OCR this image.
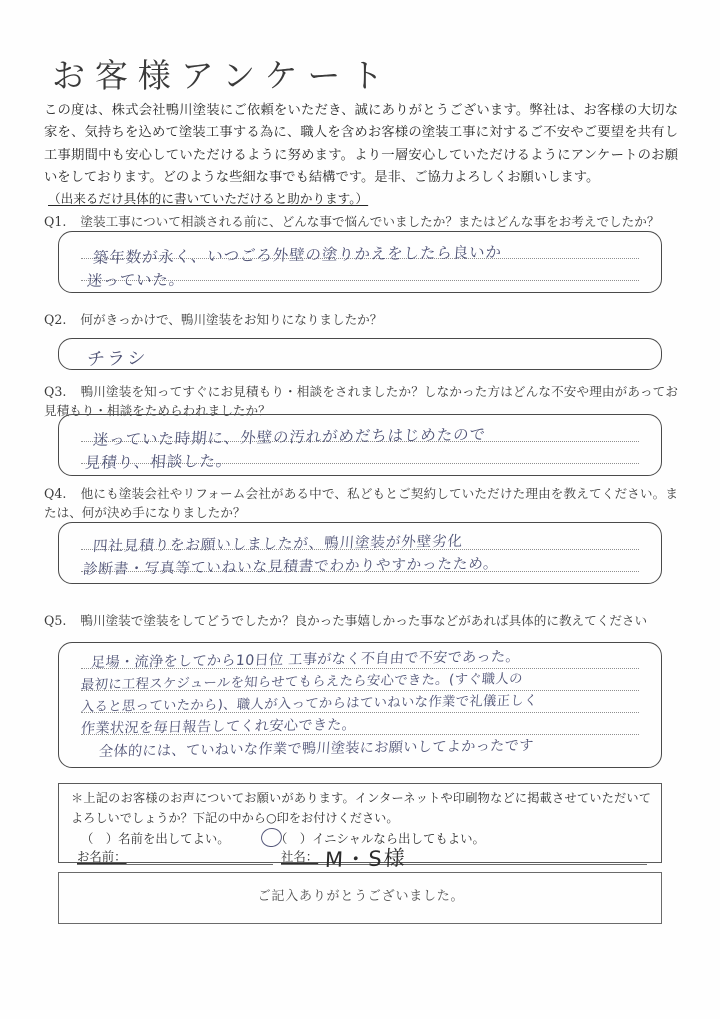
お客様アンケート
この度は、株式会社鴨川塗装にご依頼をいただき、誠にありがとうございます。弊社は、お客様の大切な家を、気持ちを込めて塗装工事する為に、職人を含めお客様の塗装工事に対するご不安やご要望を共有し工事期間中も安心していただけるように努めます。より一層安心していただけるようにアンケートのお願いをしております。どのような些細な事でも結構です。是非、ご協力よろしくお願いします。
（出来るだけ具体的に書いていただけると助かります。）
Q1. 塗装工事について相談される前に、どんな事で悩んでいましたか？またはどんな事をお考えでしたか？
築年数が永く、いつごろ外壁の塗りかえをしたら良いか
迷っていた。
Q2. 何がきっかけで、鴨川塗装をお知りになりましたか？
チラシ
Q3. 鴨川塗装を知ってすぐにお見積もり・相談をされましたか？しなかった方はどんな不安や理由があってお見積もり・相談をためらわれましたか？
迷っていた時期に、外壁の汚れがめだちはじめたので
見積り、相談した。
Q4. 他にも塗装会社やリフォーム会社がある中で、私どもとご契約していただけた理由を教えてください。または、何が決め手になりましたか？
四社見積りをお願いしましたが、鴨川塗装が外壁劣化
診断書・写真等ていねいな見積書でわかりやすかったため。
Q5. 鴨川塗装で塗装をしてどうでしたか？良かった事嬉しかった事などがあれば具体的に教えてください
足場・流浄をしてから10日位 工事がなく不自由で不安であった。
最初に工程スケジュールを知らせてもらえたら安心できた。(すぐ職人の
入ると思っていたから)、職人が入ってからはていねいな作業で礼儀正しく
作業状況を毎日報告してくれ安心できた。
全体的には、ていねいな作業で鴨川塗装にお願いしてよかったです
＊上記のお客様のお声についてお願いがあります。インターネットや印刷物などに掲載させていただいてよろしいでしょうか？下記の中から○印をお付けください。
（　）名前を出してよい。	（　）イニシャルなら出してもよい。
お名前：	社名： M・S様
ご記入ありがとうございました。
